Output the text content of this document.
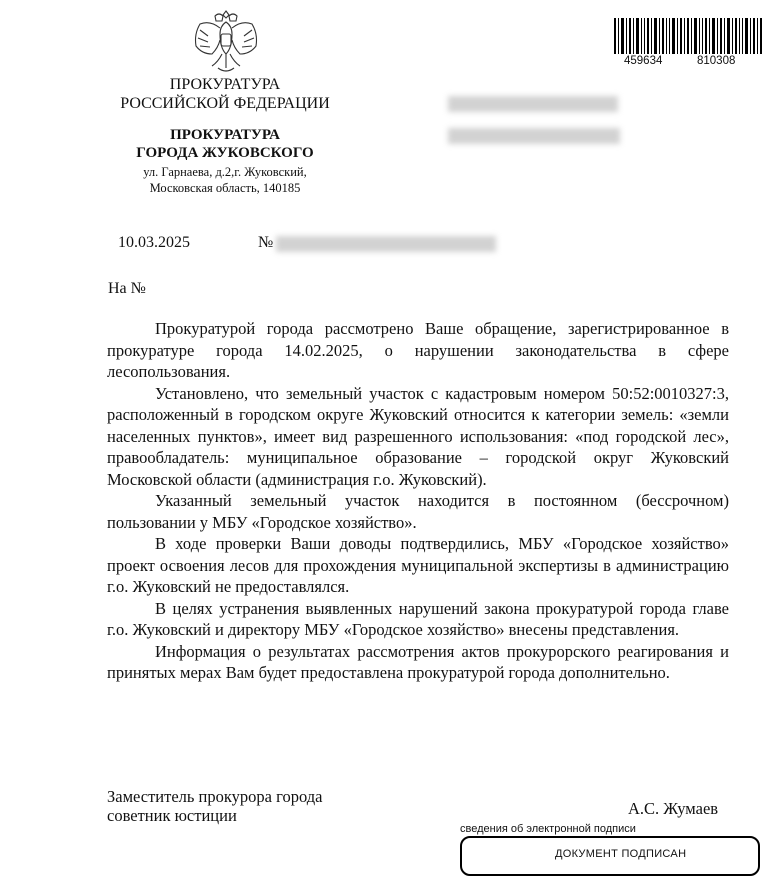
ПРОКУРАТУРА
РОССИЙСКОЙ ФЕДЕРАЦИИ
ПРОКУРАТУРА
ГОРОДА ЖУКОВСКОГО
ул. Гарнаева, д.2,г. Жуковский,
Московская область, 140185
459634	810308
10.03.2025	№
На №

Прокуратурой города рассмотрено Ваше обращение, зарегистрированное в прокуратуре города 14.02.2025, о нарушении законодательства в сфере лесопользования.

Установлено, что земельный участок с кадастровым номером 50:52:0010327:3, расположенный в городском округе Жуковский относится к категории земель: «земли населенных пунктов», имеет вид разрешенного использования: «под городской лес», правообладатель: муниципальное образование – городской округ Жуковский Московской области (администрация г.о. Жуковский).

Указанный земельный участок находится в постоянном (бессрочном) пользовании у МБУ «Городское хозяйство».

В ходе проверки Ваши доводы подтвердились, МБУ «Городское хозяйство» проект освоения лесов для прохождения муниципальной экспертизы в администрацию г.о. Жуковский не предоставлялся.

В целях устранения выявленных нарушений закона прокуратурой города главе г.о. Жуковский и директору МБУ «Городское хозяйство» внесены представления.

Информация о результатах рассмотрения актов прокурорского реагирования и принятых мерах Вам будет предоставлена прокуратурой города дополнительно.

Заместитель прокурора города
советник юстиции	А.С. Жумаев
сведения об электронной подписи
ДОКУМЕНТ ПОДПИСАН
